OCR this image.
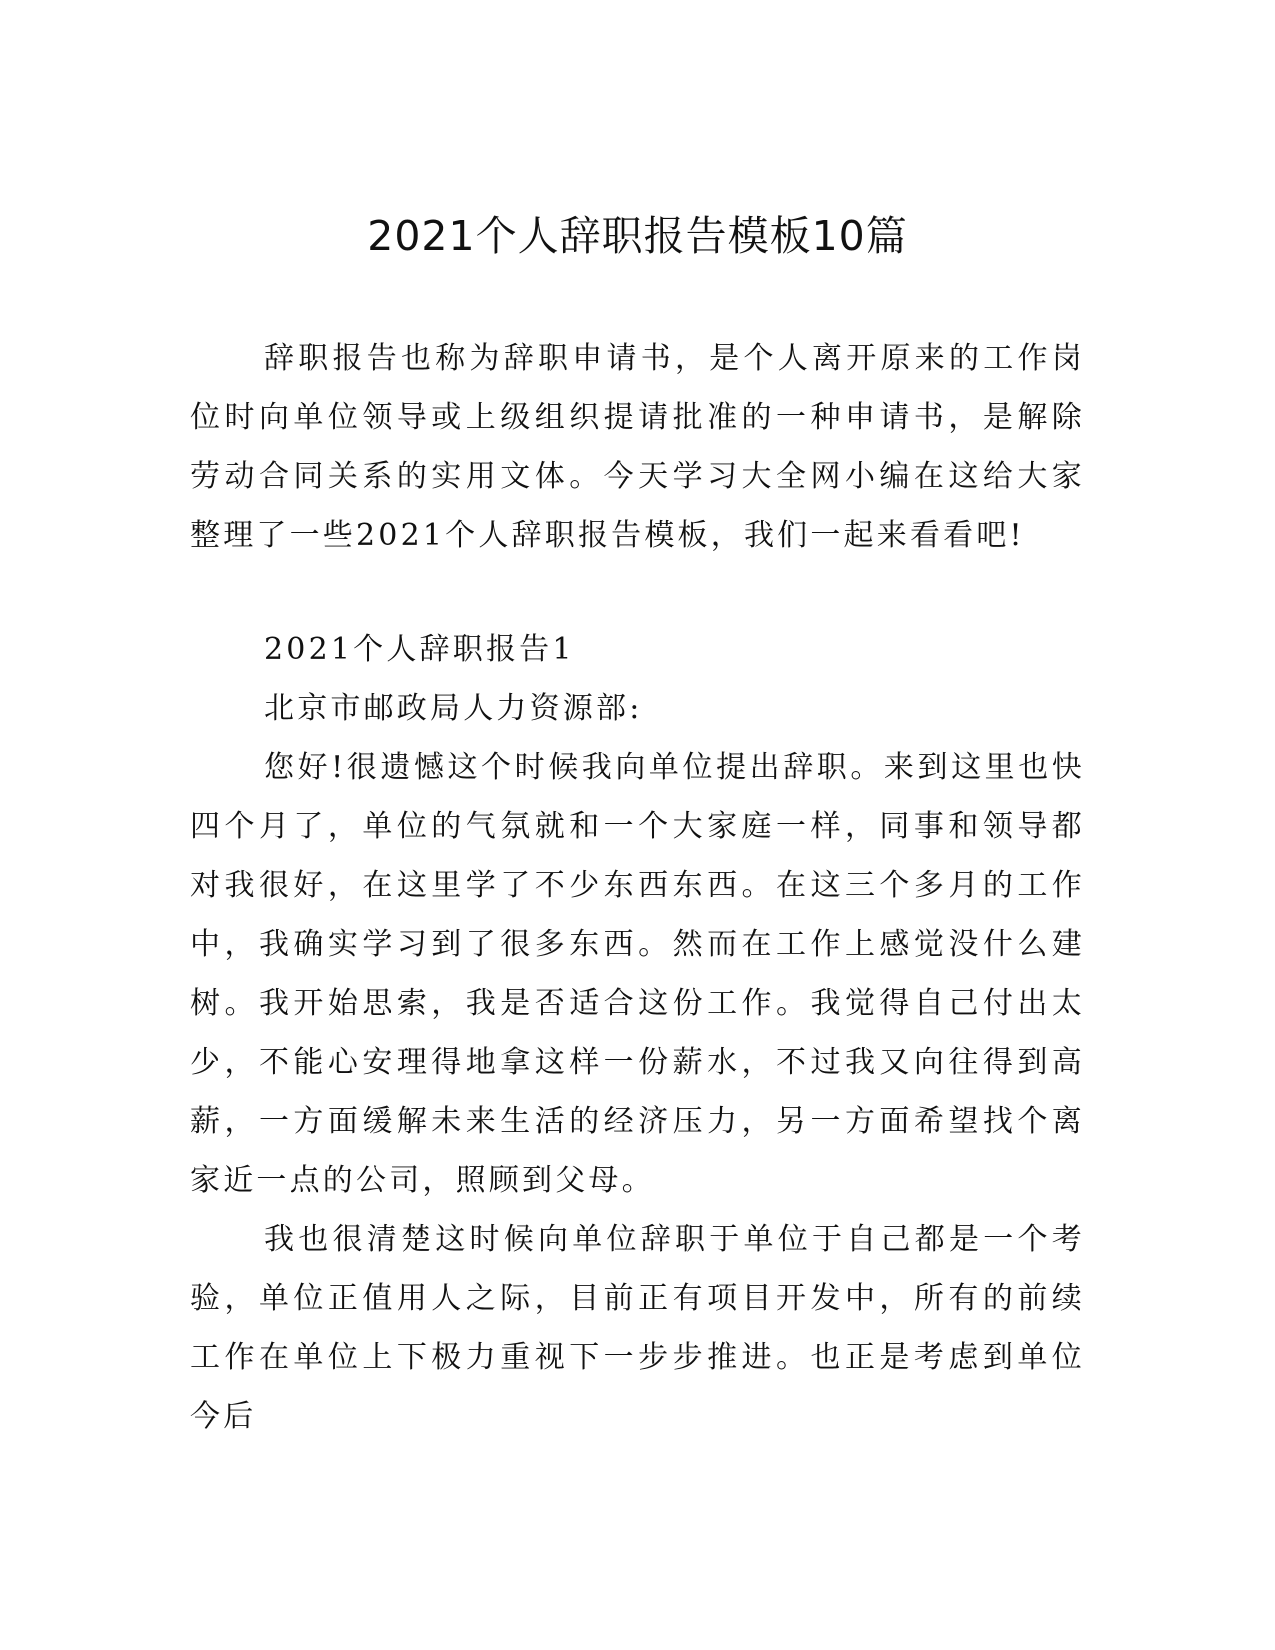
2021个人辞职报告模板10篇

辞职报告也称为辞职申请书，是个人离开原来的工作岗位时向单位领导或上级组织提请批准的一种申请书，是解除劳动合同关系的实用文体。今天学习大全网小编在这给大家整理了一些2021个人辞职报告模板，我们一起来看看吧!

2021个人辞职报告1

北京市邮政局人力资源部:

您好!很遗憾这个时候我向单位提出辞职。来到这里也快四个月了，单位的气氛就和一个大家庭一样，同事和领导都对我很好，在这里学了不少东西东西。在这三个多月的工作中，我确实学习到了很多东西。然而在工作上感觉没什么建树。我开始思索，我是否适合这份工作。我觉得自己付出太少，不能心安理得地拿这样一份薪水，不过我又向往得到高薪，一方面缓解未来生活的经济压力，另一方面希望找个离家近一点的公司，照顾到父母。

我也很清楚这时候向单位辞职于单位于自己都是一个考验，单位正值用人之际，目前正有项目开发中，所有的前续工作在单位上下极力重视下一步步推进。也正是考虑到单位今后
